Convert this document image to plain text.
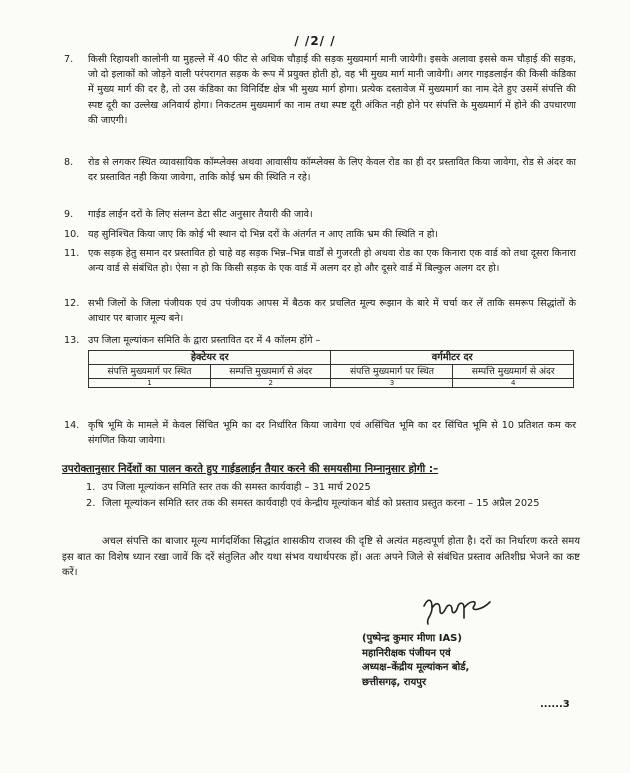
/ /2/ /
7.	किसी रिहायशी कालोनी या मुहल्ले में 40 फीट से अधिक चौड़ाई की सड़क मुख्यमार्ग मानी जायेगी। इसके अलावा इससे कम चौड़ाई की सड़क, जो दो इलाकों को जोड़ने वाली परंपरागत सड़क के रूप में प्रयुक्त होती हो, वह भी मुख्य मार्ग मानी जावेगी। अगर गाइडलाईन की किसी कंडिका में मुख्य मार्ग की दर है, तो उस कंडिका का विनिर्दिष्ट क्षेत्र भी मुख्य मार्ग होगा। प्रत्येक दस्तावेज में मुख्यमार्ग का नाम देते हुए उसमें संपत्ति की स्पष्ट दूरी का उल्लेख अनिवार्य होगा। निकटतम मुख्यमार्ग का नाम तथा स्पष्ट दूरी अंकित नही होने पर संपत्ति के मुख्यमार्ग में होने की उपधारणा की जाएगी।
8.	रोड से लगकर स्थित व्यावसायिक कॉम्प्लेक्स अथवा आवासीय कॉम्प्लेक्स के लिए केवल रोड का ही दर प्रस्तावित किया जावेगा, रोड से अंदर का दर प्रस्तावित नही किया जावेगा, ताकि कोई भ्रम की स्थिति न रहे।
9.	गाईड लाईन दरों के लिए संलग्न डेटा सीट अनुसार तैयारी की जावे।
10. यह सुनिश्चित किया जाए कि कोई भी स्थान दो भिन्न दरों के अंतर्गत न आए ताकि भ्रम की स्थिति न हो।
11. एक सड़क हेतु समान दर प्रस्तावित हो चाहे वह सड़क भिन्न–भिन्न वार्डों से गुजरती हो अथवा रोड का एक किनारा एक वार्ड को तथा दूसरा किनारा अन्य वार्ड से संबंधित हो। ऐसा न हो कि किसी सड़क के एक वार्ड में अलग दर हो और दूसरे वार्ड में बिल्कुल अलग दर हो।
12. सभी जिलों के जिला पंजीयक एवं उप पंजीयक आपस में बैठक कर प्रचलित मूल्य रूझान के बारे में चर्चा कर लें ताकि समरूप सिद्धांतों के आधार पर बाजार मूल्य बने।
13. उप जिला मूल्यांकन समिति के द्वारा प्रस्तावित दर में 4 कॉलम होंगे –
हेक्टेयर दर		वर्गमीटर दर	
संपत्ति मुख्यमार्ग पर स्थित	सम्पत्ति मुख्यमार्ग से अंदर	संपत्ति मुख्यमार्ग पर स्थित	सम्पत्ति मुख्यमार्ग से अंदर
1	2	3	4
14. कृषि भूमि के मामले में केवल सिंचित भूमि का दर निर्धारित किया जावेगा एवं असिंचित भूमि का दर सिंचित भूमि से 10 प्रतिशत कम कर संगणित किया जावेगा।
उपरोक्तानुसार निर्देशों का पालन करते हुए गाईडलाईन तैयार करने की समयसीमा निम्नानुसार होगी :–
1. उप जिला मूल्यांकन समिति स्तर तक की समस्त कार्यवाही – 31 मार्च 2025
2. जिला मूल्यांकन समिति स्तर तक की समस्त कार्यवाही एवं केन्द्रीय मूल्यांकन बोर्ड को प्रस्ताव प्रस्तुत करना – 15 अप्रैल 2025
अचल संपत्ति का बाजार मूल्य मार्गदर्शिका सिद्धांत शासकीय राजस्व की दृष्टि से अत्यंत महत्वपूर्ण होता है। दरों का निर्धारण करते समय इस बात का विशेष ध्यान रखा जावें कि दरें संतुलित और यथा संभव यथार्थपरक हों। अतः अपने जिले से संबंधित प्रस्ताव अतिशीघ्र भेजने का कष्ट करें।
(पुष्पेन्द्र कुमार मीणा IAS)
महानिरीक्षक पंजीयन एवं
अध्यक्ष–केंद्रीय मूल्यांकन बोर्ड,
छत्तीसगढ़, रायपुर
......3
